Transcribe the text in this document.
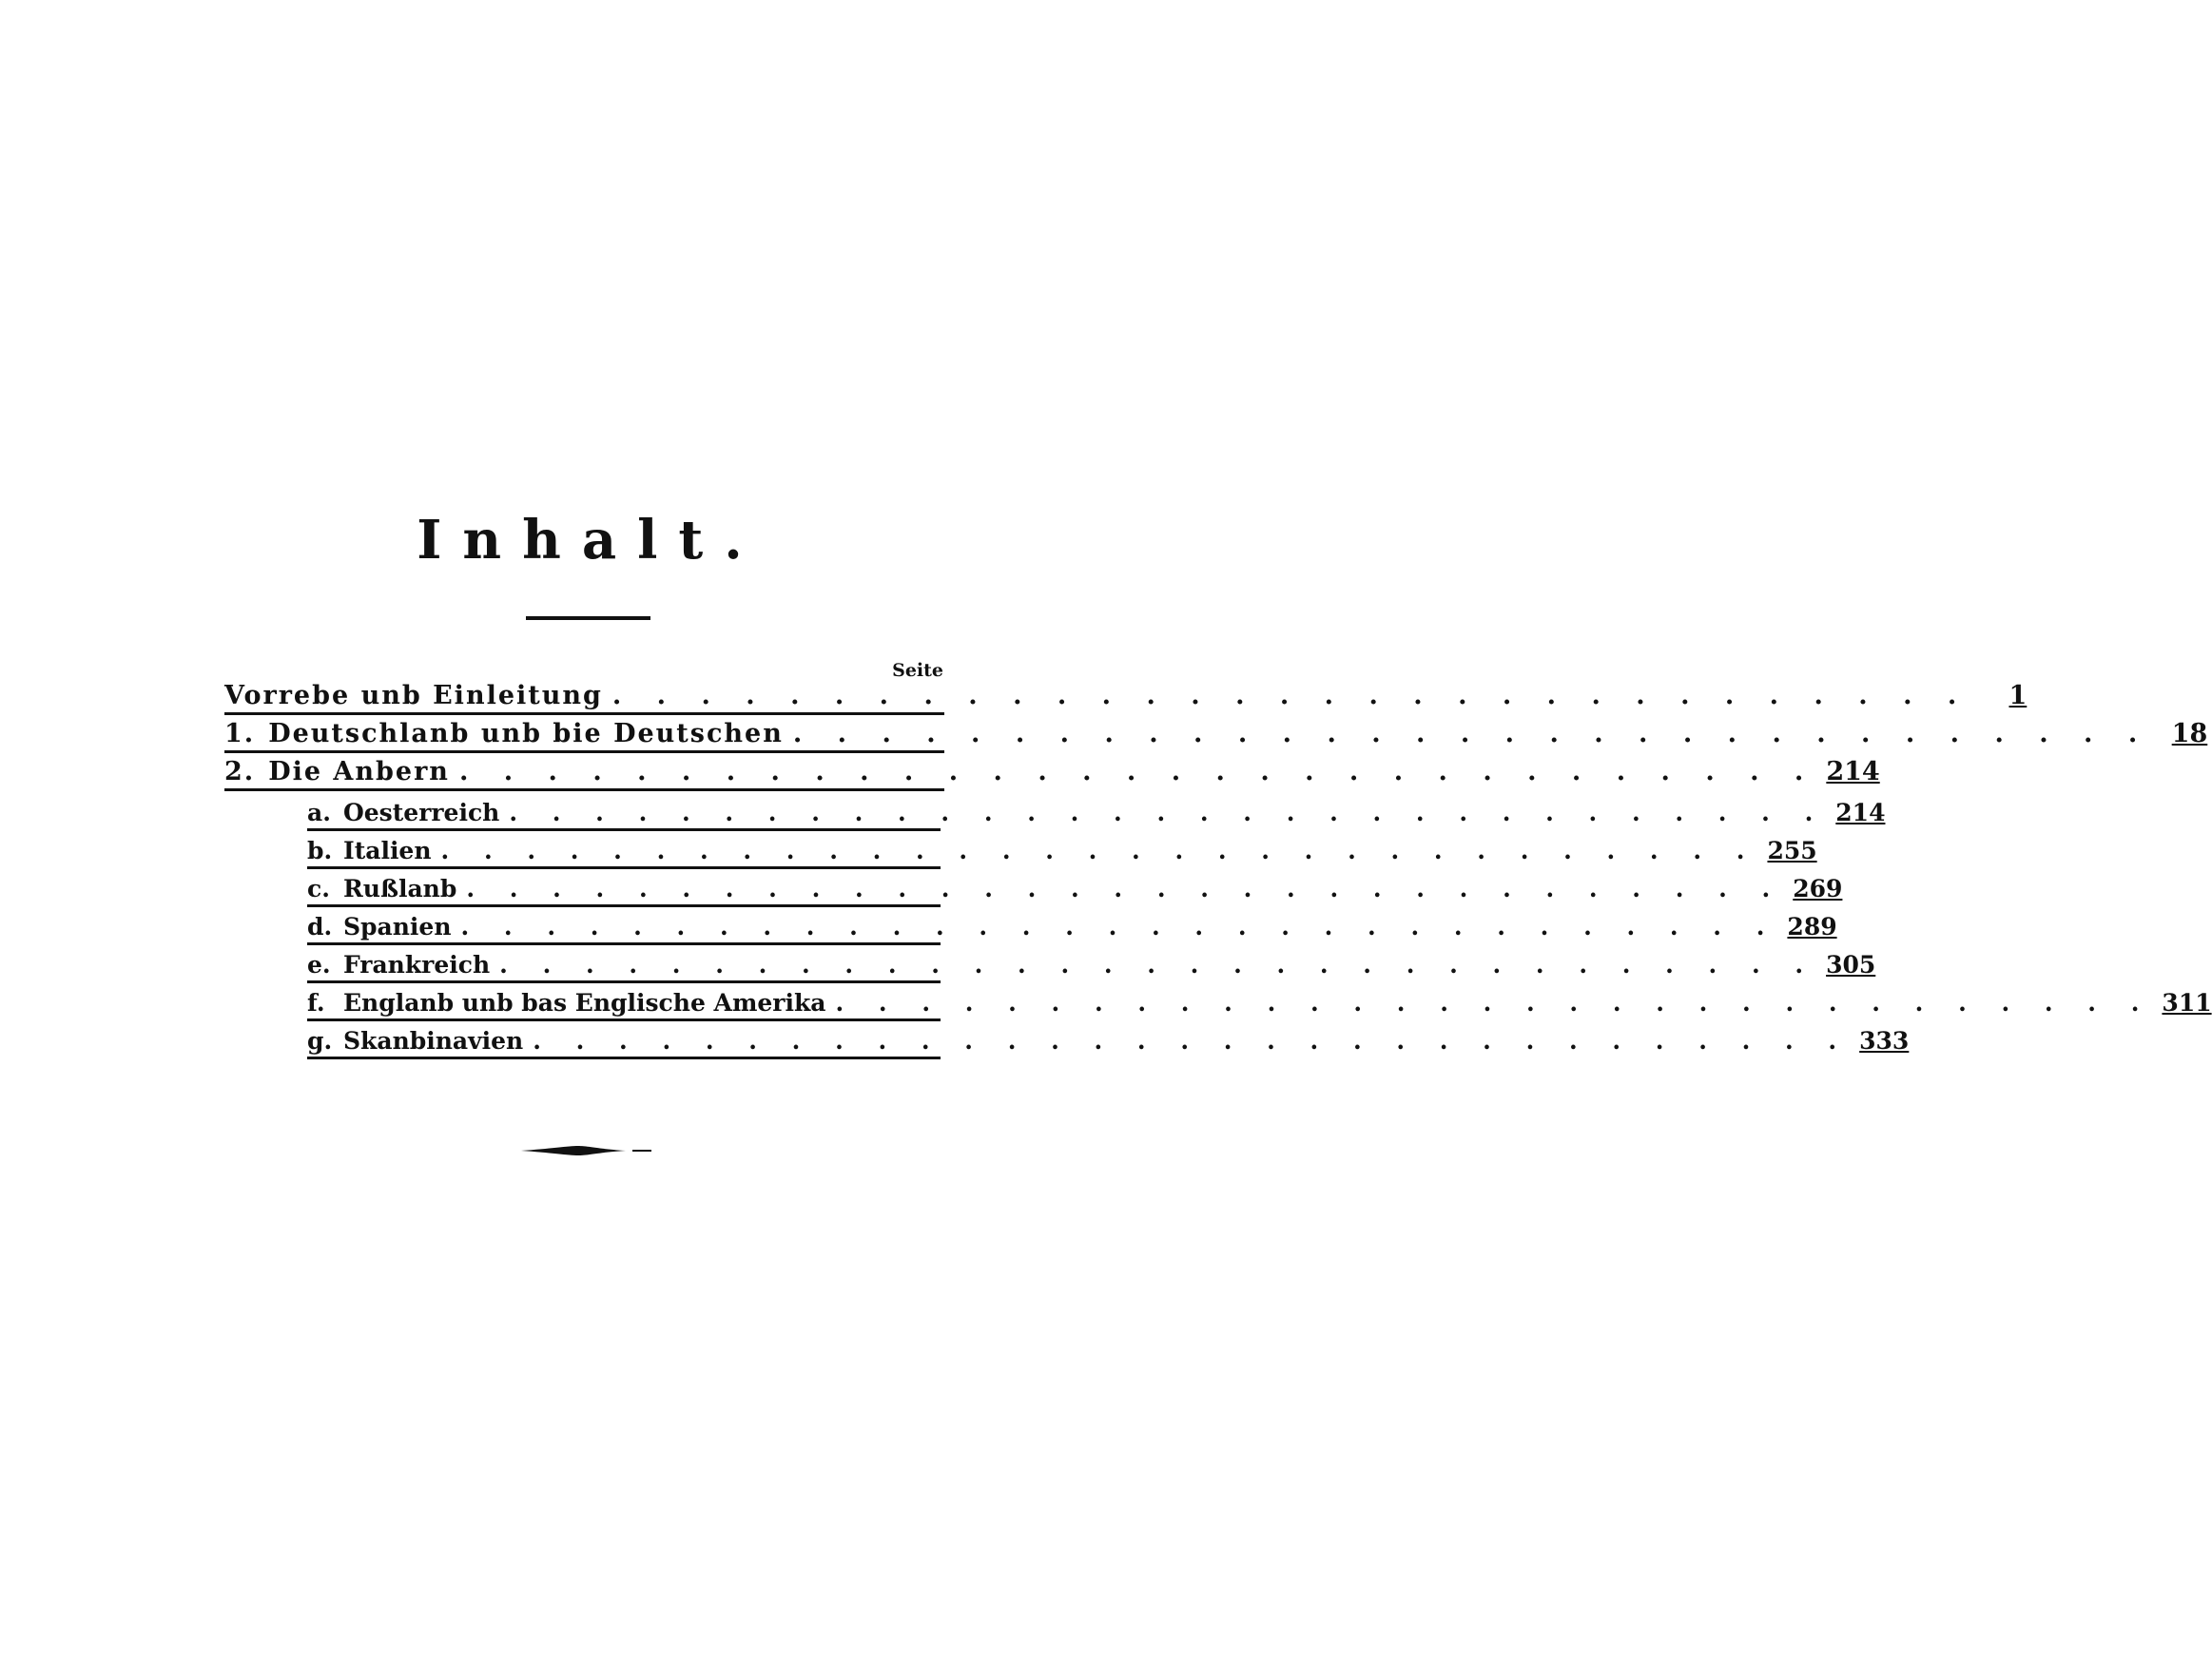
Inhalt.
Seite
Vorrebe unb Einleitung . . . . . . . . . . . . . . . . . . . . . . . . . . . . . . .	1
1. Deutschlanb unb bie Deutschen . . . . . . . . . . . . . . . . . . . . . . . . . . . . . . . 18
2. Die Anbern . . . . . . . . . . . . . . . . . . . . . . . . . . . . . . . 214
a. Oesterreich . . . . . . . . . . . . . . . . . . . . . . . . . . . . . . . 214
b. Italien . . . . . . . . . . . . . . . . . . . . . . . . . . . . . . . 255
c. Rußlanb . . . . . . . . . . . . . . . . . . . . . . . . . . . . . . . 269
d. Spanien . . . . . . . . . . . . . . . . . . . . . . . . . . . . . . . 289
e. Frankreich . . . . . . . . . . . . . . . . . . . . . . . . . . . . . . . 305
f. Englanb unb bas Englische Amerika . . . . . . . . . . . . . . . . . . . . . . . . . . . . . . . 311
g. Skanbinavien . . . . . . . . . . . . . . . . . . . . . . . . . . . . . . . 333
